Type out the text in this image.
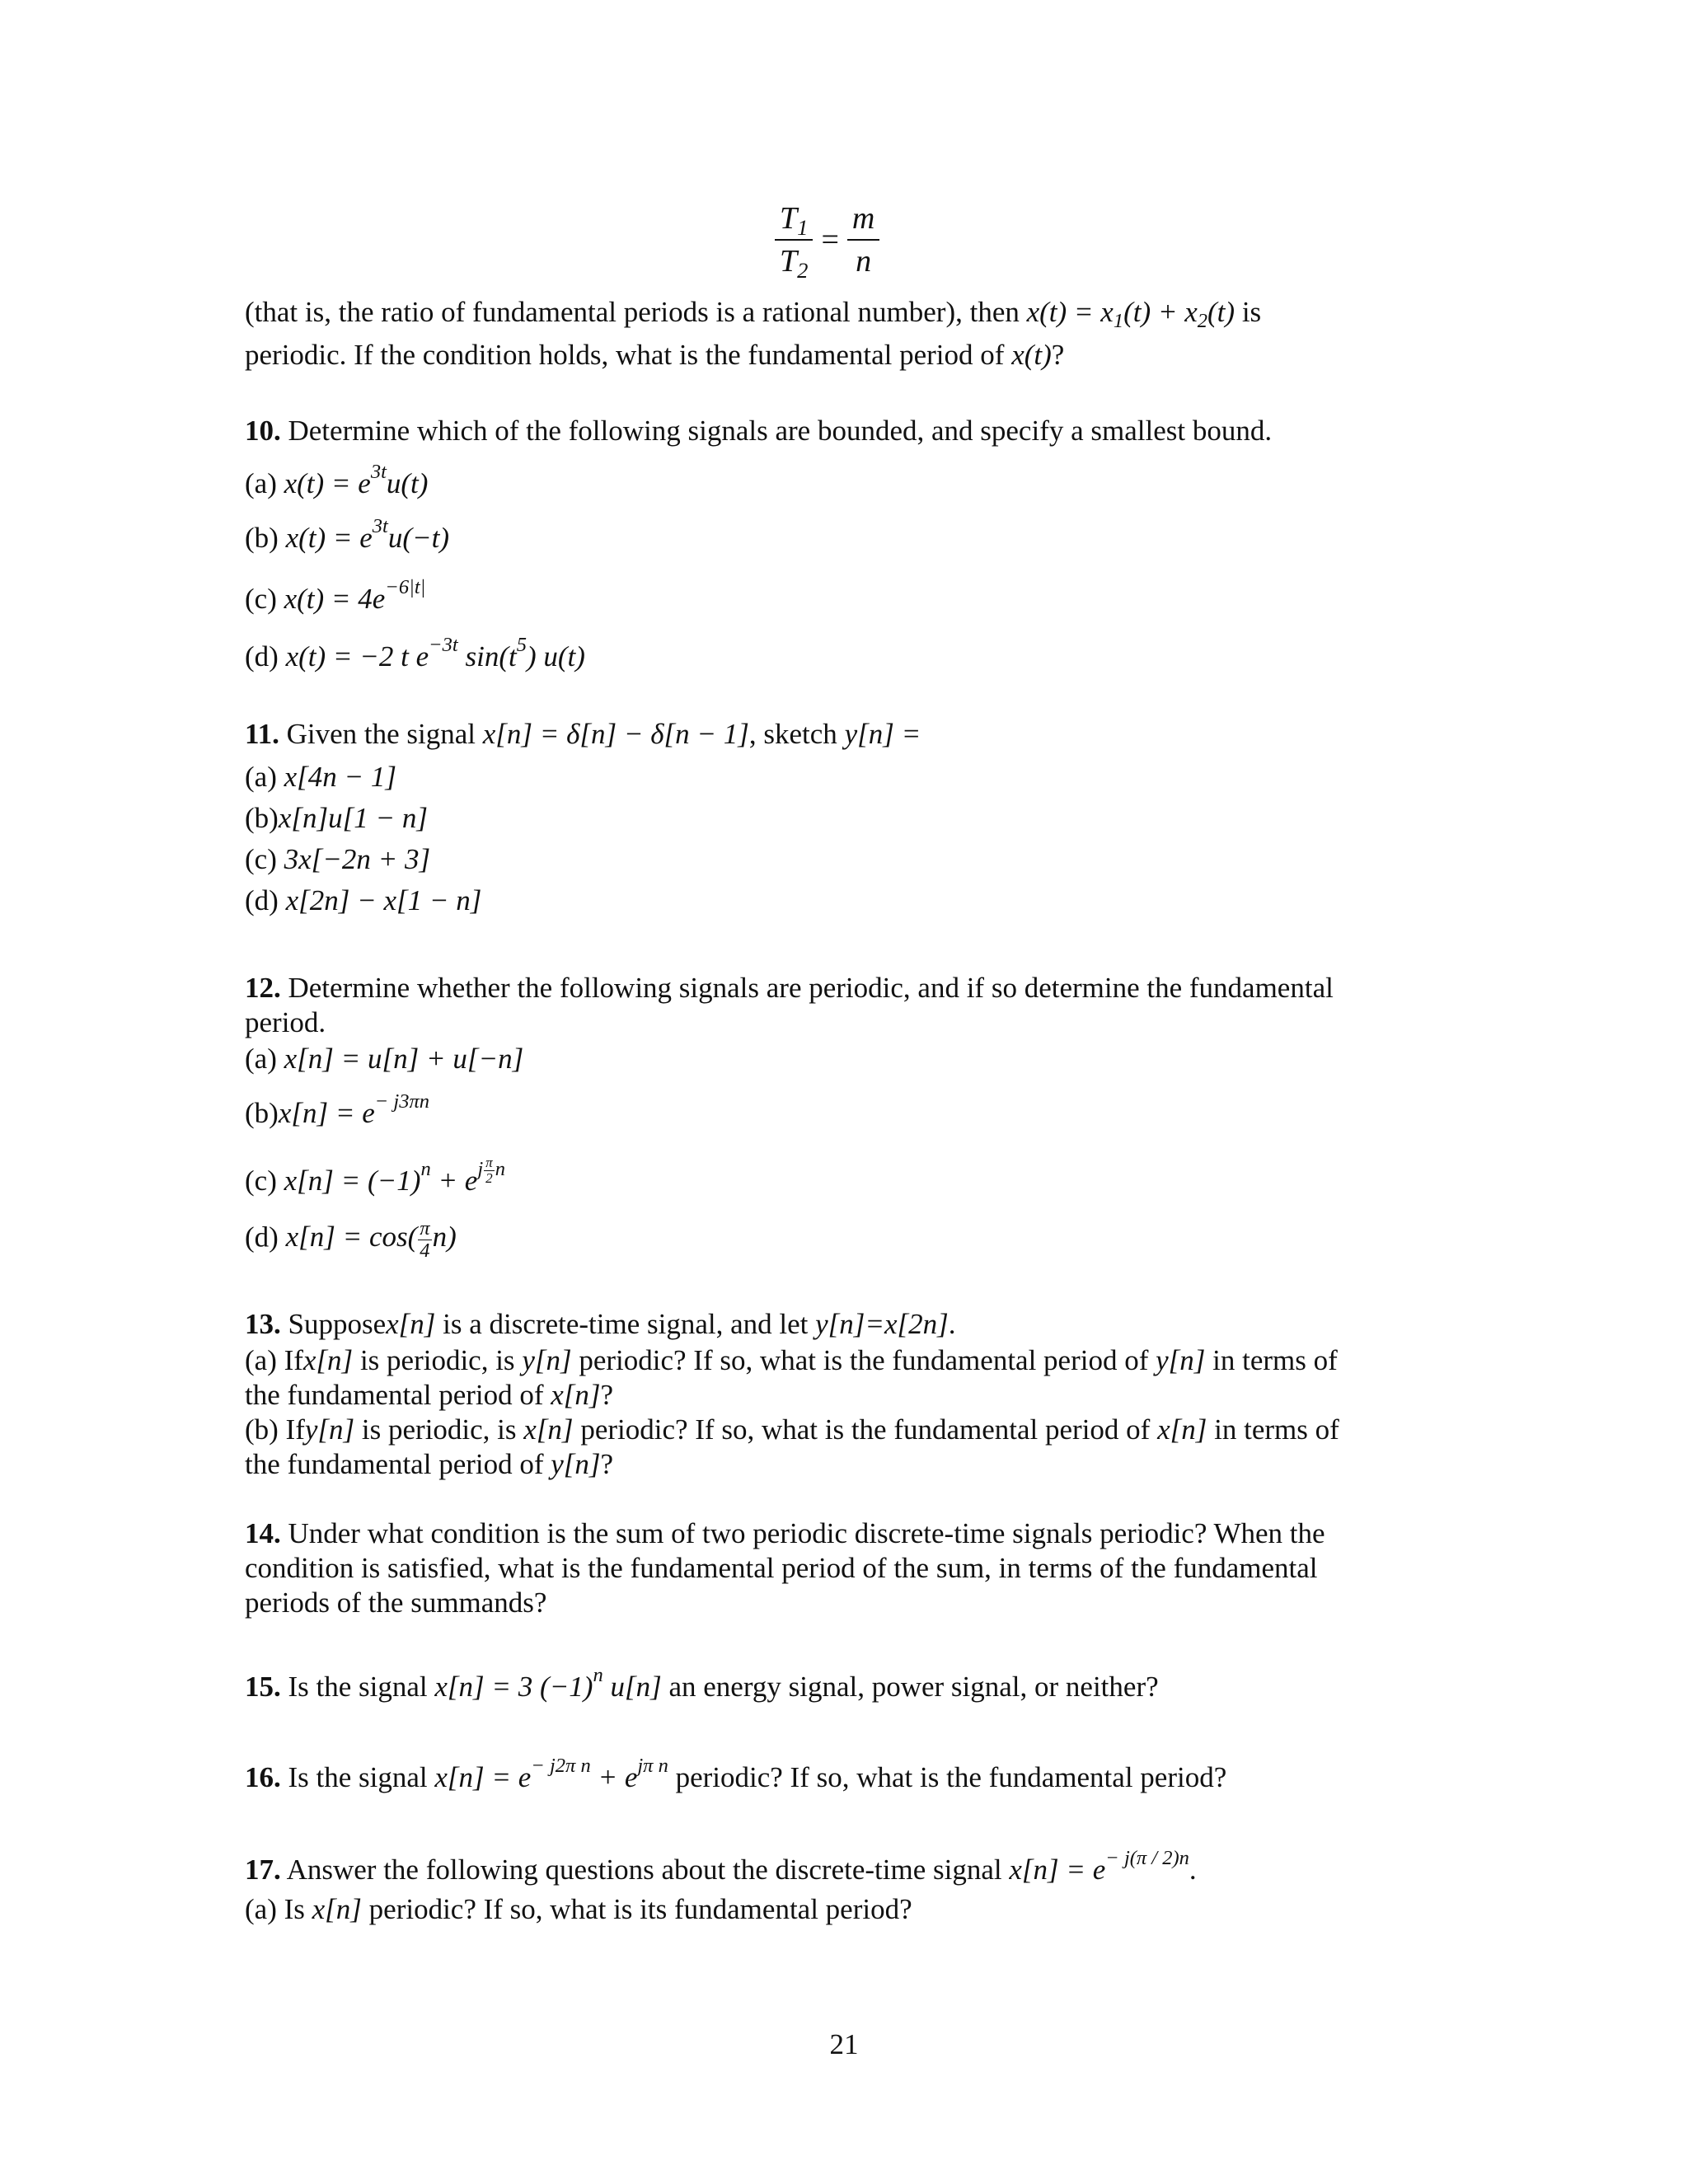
$\frac{T_1}{T_2} = \frac{m}{n}$
(that is, the ratio of fundamental periods is a rational number), then $x(t) = x_1(t) + x_2(t)$ is
periodic. If the condition holds, what is the fundamental period of x(t)?
10. Determine which of the following signals are bounded, and specify a smallest bound.
(a) $x(t) = e^{3t}u(t)$
(b) $x(t) = e^{3t}u(-t)$
(c) $x(t) = 4e^{-6|t|}$
(d) x(t) = −2 t $e^{-3t}$ $\sin(t^5)$ u(t)
11. Given the signal x[n] = δ[n] − δ[n − 1], sketch y[n] =
(a) x[4n − 1]
(b)x[n]u[1 − n]
(c) 3x[−2n + 3]
(d) x[2n] − x[1 − n]
12. Determine whether the following signals are periodic, and if so determine the fundamental
period.
(a) x[n] = u[n] + u[−n]
$(b)x[n] = e^{- j3\pi n}$
(c) $x[n] = (-1)^n + e^{j \frac{\pi}{2} n}$
(d) $x[n] = \cos( \frac{\pi}{4} n)$
13. Supposex[n] is a discrete-time signal, and let y[n]=x[2n].
(a) Ifx[n] is periodic, is y[n] periodic? If so, what is the fundamental period of y[n] in terms of
the fundamental period of x[n]?
(b) Ify[n] is periodic, is x[n] periodic? If so, what is the fundamental period of x[n] in terms of
the fundamental period of y[n]?
14. Under what condition is the sum of two periodic discrete-time signals periodic? When the
condition is satisfied, what is the fundamental period of the sum, in terms of the fundamental
periods of the summands?
15. Is the signal x[n] = 3 $(-1)^n$ u[n] an energy signal, power signal, or neither?
16. Is the signal $x[n] = e^{- j2\pi n} + e^{j\pi n}$ periodic? If so, what is the fundamental period?
17. Answer the following questions about the discrete-time signal $x[n] = e^{- j(\pi / 2)n}$.
(a) Is x[n] periodic? If so, what is its fundamental period?
21
